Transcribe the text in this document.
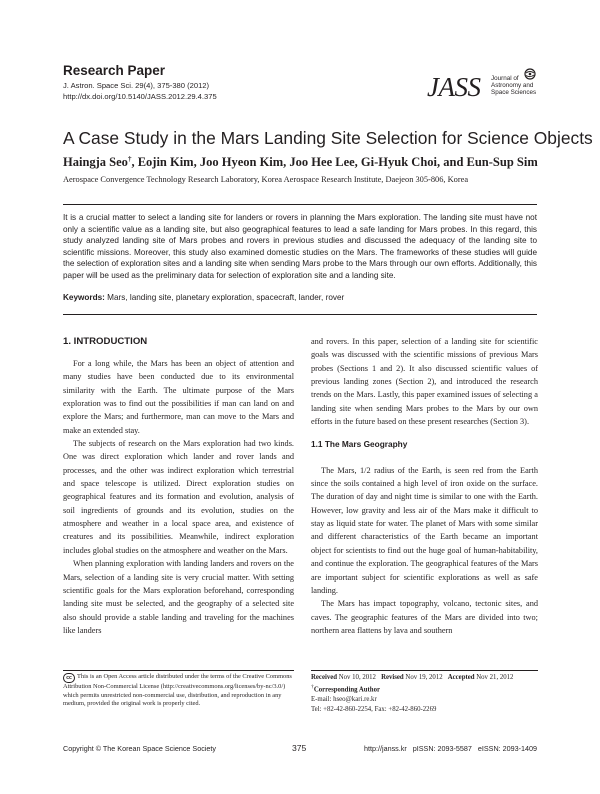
Research Paper
J. Astron. Space Sci. 29(4), 375-380 (2012)
http://dx.doi.org/10.5140/JASS.2012.29.4.375	JASS Journal of
Astronomy and
Space Sciences
A Case Study in the Mars Landing Site Selection for Science Objects
Haingja Seo†, Eojin Kim, Joo Hyeon Kim, Joo Hee Lee, Gi-Hyuk Choi, and Eun-Sup Sim
Aerospace Convergence Technology Research Laboratory, Korea Aerospace Research Institute, Daejeon 305-806, Korea
It is a crucial matter to select a landing site for landers or rovers in planning the Mars exploration. The landing site must have not only a scientific value as a landing site, but also geographical features to lead a safe landing for Mars probes. In this regard, this study analyzed landing site of Mars probes and rovers in previous studies and discussed the adequacy of the landing site to scientific missions. Moreover, this study also examined domestic studies on the Mars. The frameworks of these studies will guide the selection of exploration sites and a landing site when sending Mars probe to the Mars through our own efforts. Additionally, this paper will be used as the preliminary data for selection of exploration site and a landing site.
Keywords: Mars, landing site, planetary exploration, spacecraft, lander, rover
1. INTRODUCTION

For a long while, the Mars has been an object of attention and many studies have been conducted due to its environmental similarity with the Earth. The ultimate purpose of the Mars exploration was to find out the possibilities if man can land on and explore the Mars; and furthermore, man can move to the Mars and make an extended stay.

The subjects of research on the Mars exploration had two kinds. One was direct exploration which lander and rover lands and processes, and the other was indirect exploration which terrestrial and space telescope is utilized. Direct exploration studies on geographical features and its formation and evolution, analysis of soil ingredients of grounds and its evolution, studies on the atmosphere and weather in a local space area, and existence of creatures and its possibilities. Meanwhile, indirect exploration includes global studies on the atmosphere and weather on the Mars.

When planning exploration with landing landers and rovers on the Mars, selection of a landing site is very crucial matter. With setting scientific goals for the Mars exploration beforehand, corresponding landing site must be selected, and the geography of a selected site also should provide a stable landing and traveling for the machines like landers

and rovers. In this paper, selection of a landing site for scientific goals was discussed with the scientific missions of previous Mars probes (Sections 1 and 2). It also discussed scientific values of previous landing zones (Section 2), and introduced the research trends on the Mars. Lastly, this paper examined issues of selecting a landing site when sending Mars probes to the Mars by our own efforts in the future based on these present researches (Section 3).

1.1 The Mars Geography

The Mars, 1/2 radius of the Earth, is seen red from the Earth since the soils contained a high level of iron oxide on the surface. The duration of day and night time is similar to one with the Earth. However, low gravity and less air of the Mars make it difficult to stay as liquid state for water. The planet of Mars with some similar and different characteristics of the Earth became an important object for scientists to find out the huge goal of human-habitability, and continue the exploration. The geographical features of the Mars are important subject for scientific explorations as well as safe landing.

The Mars has impact topography, volcano, tectonic sites, and caves. The geographic features of the Mars are divided into two; northern area flattens by lava and southern

cc This is an Open Access article distributed under the terms of the Creative Commons Attribution Non-Commercial License (http://creativecommons.org/licenses/by-nc/3.0/) which permits unrestricted non-commercial use, distribution, and reproduction in any medium, provided the original work is properly cited.
Received Nov 10, 2012 Revised Nov 19, 2012 Accepted Nov 21, 2012
†Corresponding Author
E-mail: hseo@kari.re.kr
Tel: +82-42-860-2254, Fax: +82-42-860-2269
Copyright © The Korean Space Science Society	375	http://janss.kr   pISSN: 2093-5587   eISSN: 2093-1409
